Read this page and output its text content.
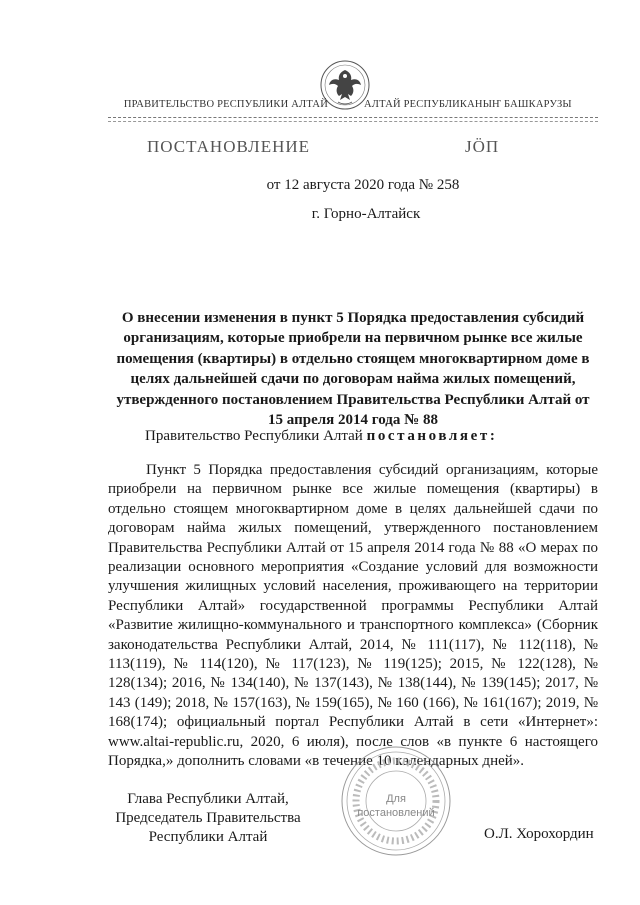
ПРАВИТЕЛЬСТВО РЕСПУБЛИКИ АЛТАЙ	АЛТАЙ РЕСПУБЛИКАНЫҤ БАШКАРУЗЫ
ПОСТАНОВЛЕНИЕ	JӦП
от 12 августа 2020 года № 258
г. Горно-Алтайск
О внесении изменения в пункт 5 Порядка предоставления субсидий организациям, которые приобрели на первичном рынке все жилые помещения (квартиры) в отдельно стоящем многоквартирном доме в целях дальнейшей сдачи по договорам найма жилых помещений, утвержденного постановлением Правительства Республики Алтай от 15 апреля 2014 года № 88
Правительство Республики Алтай постановляет:
Пункт 5 Порядка предоставления субсидий организациям, которые приобрели на первичном рынке все жилые помещения (квартиры) в отдельно стоящем многоквартирном доме в целях дальнейшей сдачи по договорам найма жилых помещений, утвержденного постановлением Правительства Республики Алтай от 15 апреля 2014 года № 88 «О мерах по реализации основного мероприятия «Создание условий для возможности улучшения жилищных условий населения, проживающего на территории Республики Алтай» государственной программы Республики Алтай «Развитие жилищно-коммунального и транспортного комплекса» (Сборник законодательства Республики Алтай, 2014, № 111(117), № 112(118), № 113(119), № 114(120), № 117(123), № 119(125); 2015, № 122(128), № 128(134); 2016, № 134(140), № 137(143), № 138(144), № 139(145); 2017, № 143 (149); 2018, № 157(163), № 159(165), № 160 (166), № 161(167); 2019, № 168(174); официальный портал Республики Алтай в сети «Интернет»: www.altai-republic.ru, 2020, 6 июля), после слов «в пункте 6 настоящего Порядка,» дополнить словами «в течение 10 календарных дней».
Глава Республики Алтай,
Председатель Правительства
Республики Алтай	О.Л. Хорохордин
Для
постановлений
